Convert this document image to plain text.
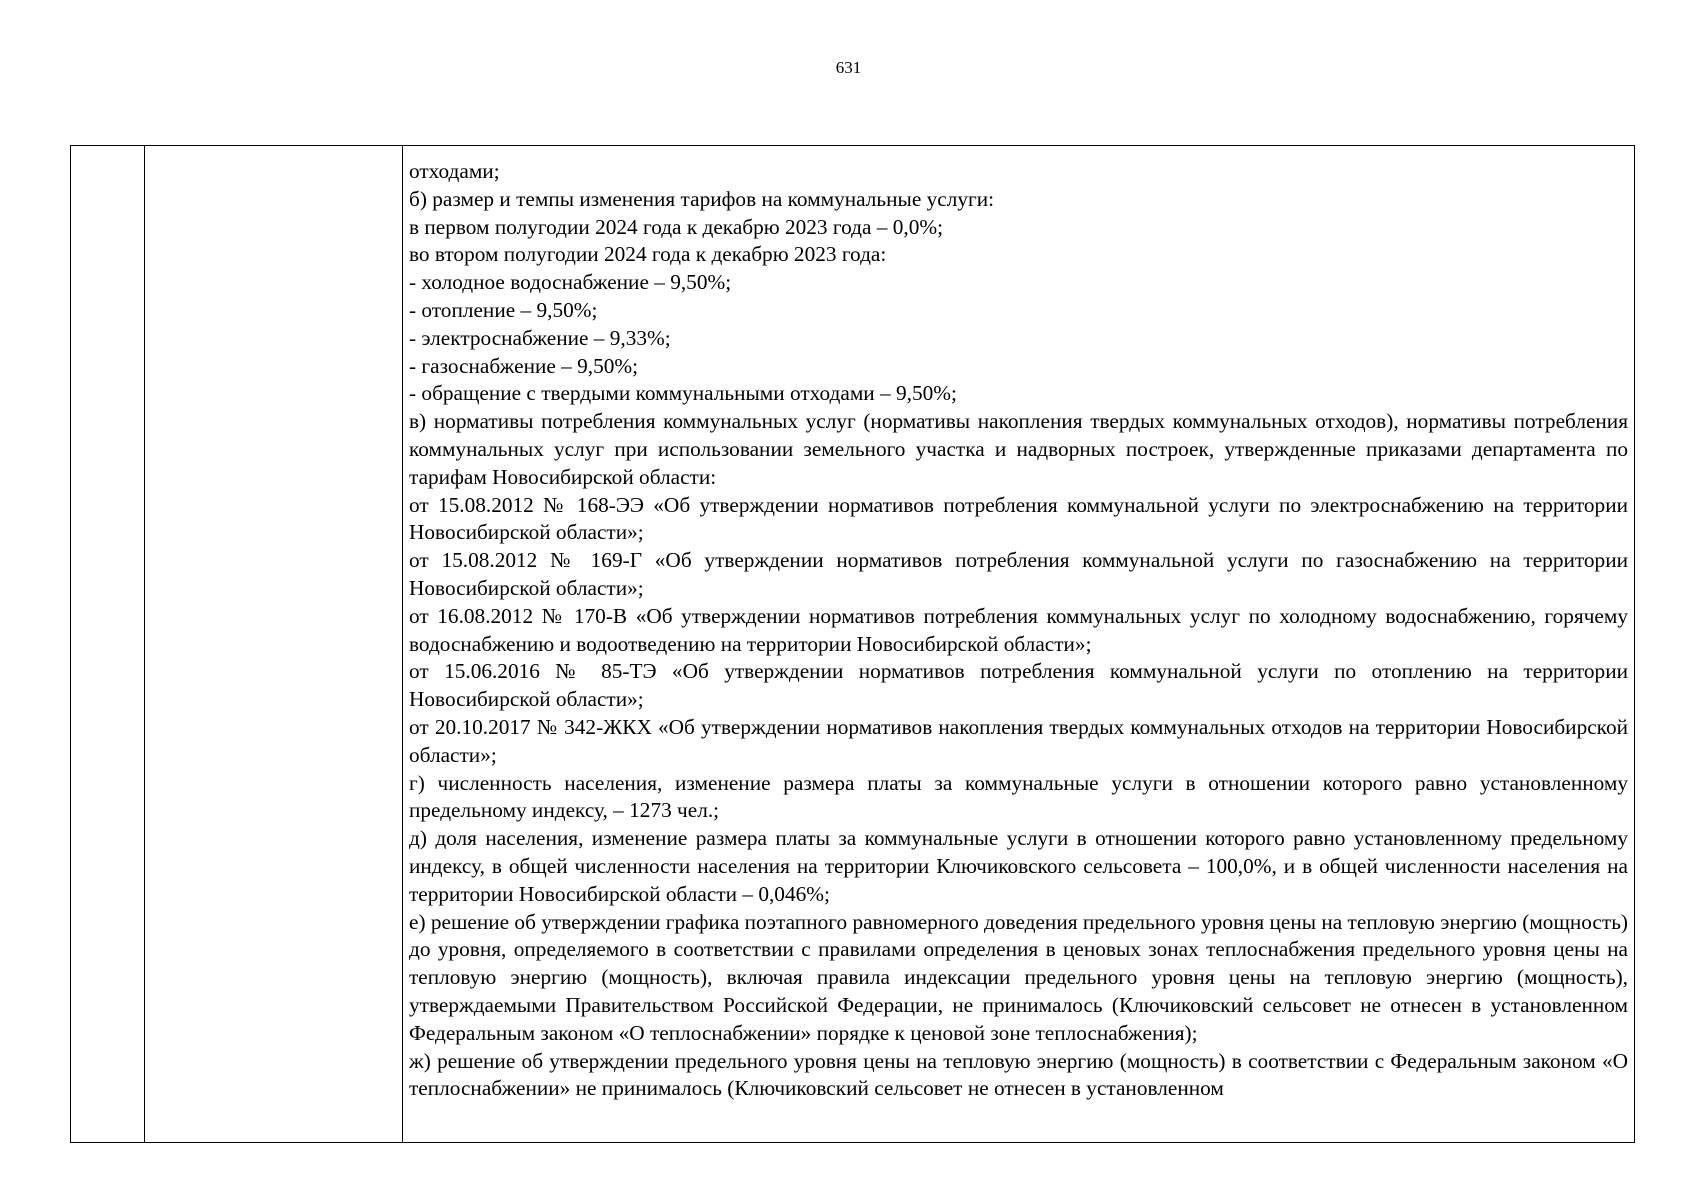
631

отходами;

б) размер и темпы изменения тарифов на коммунальные услуги:

в первом полугодии 2024 года к декабрю 2023 года – 0,0%;

во втором полугодии 2024 года к декабрю 2023 года:

- холодное водоснабжение – 9,50%;

- отопление – 9,50%;

- электроснабжение – 9,33%;

- газоснабжение – 9,50%;

- обращение с твердыми коммунальными отходами – 9,50%;

в) нормативы потребления коммунальных услуг (нормативы накопления твердых коммунальных отходов), нормативы потребления коммунальных услуг при использовании земельного участка и надворных построек, утвержденные приказами департамента по тарифам Новосибирской области:

от 15.08.2012 № 168-ЭЭ «Об утверждении нормативов потребления коммунальной услуги по электроснабжению на территории Новосибирской области»;

от 15.08.2012 № 169-Г «Об утверждении нормативов потребления коммунальной услуги по газоснабжению на территории Новосибирской области»;

от 16.08.2012 № 170-В «Об утверждении нормативов потребления коммунальных услуг по холодному водоснабжению, горячему водоснабжению и водоотведению на территории Новосибирской области»;

от 15.06.2016 № 85-ТЭ «Об утверждении нормативов потребления коммунальной услуги по отоплению на территории Новосибирской области»;

от 20.10.2017 № 342-ЖКХ «Об утверждении нормативов накопления твердых коммунальных отходов на территории Новосибирской области»;

г) численность населения, изменение размера платы за коммунальные услуги в отношении которого равно установленному предельному индексу, – 1273 чел.;

д) доля населения, изменение размера платы за коммунальные услуги в отношении которого равно установленному предельному индексу, в общей численности населения на территории Ключиковского сельсовета – 100,0%, и в общей численности населения на территории Новосибирской области – 0,046%;

е) решение об утверждении графика поэтапного равномерного доведения предельного уровня цены на тепловую энергию (мощность) до уровня, определяемого в соответствии с правилами определения в ценовых зонах теплоснабжения предельного уровня цены на тепловую энергию (мощность), включая правила индексации предельного уровня цены на тепловую энергию (мощность), утверждаемыми Правительством Российской Федерации, не принималось (Ключиковский сельсовет не отнесен в установленном Федеральным законом «О теплоснабжении» порядке к ценовой зоне теплоснабжения);

ж) решение об утверждении предельного уровня цены на тепловую энергию (мощность) в соответствии с Федеральным законом «О теплоснабжении» не принималось (Ключиковский сельсовет не отнесен в установленном
